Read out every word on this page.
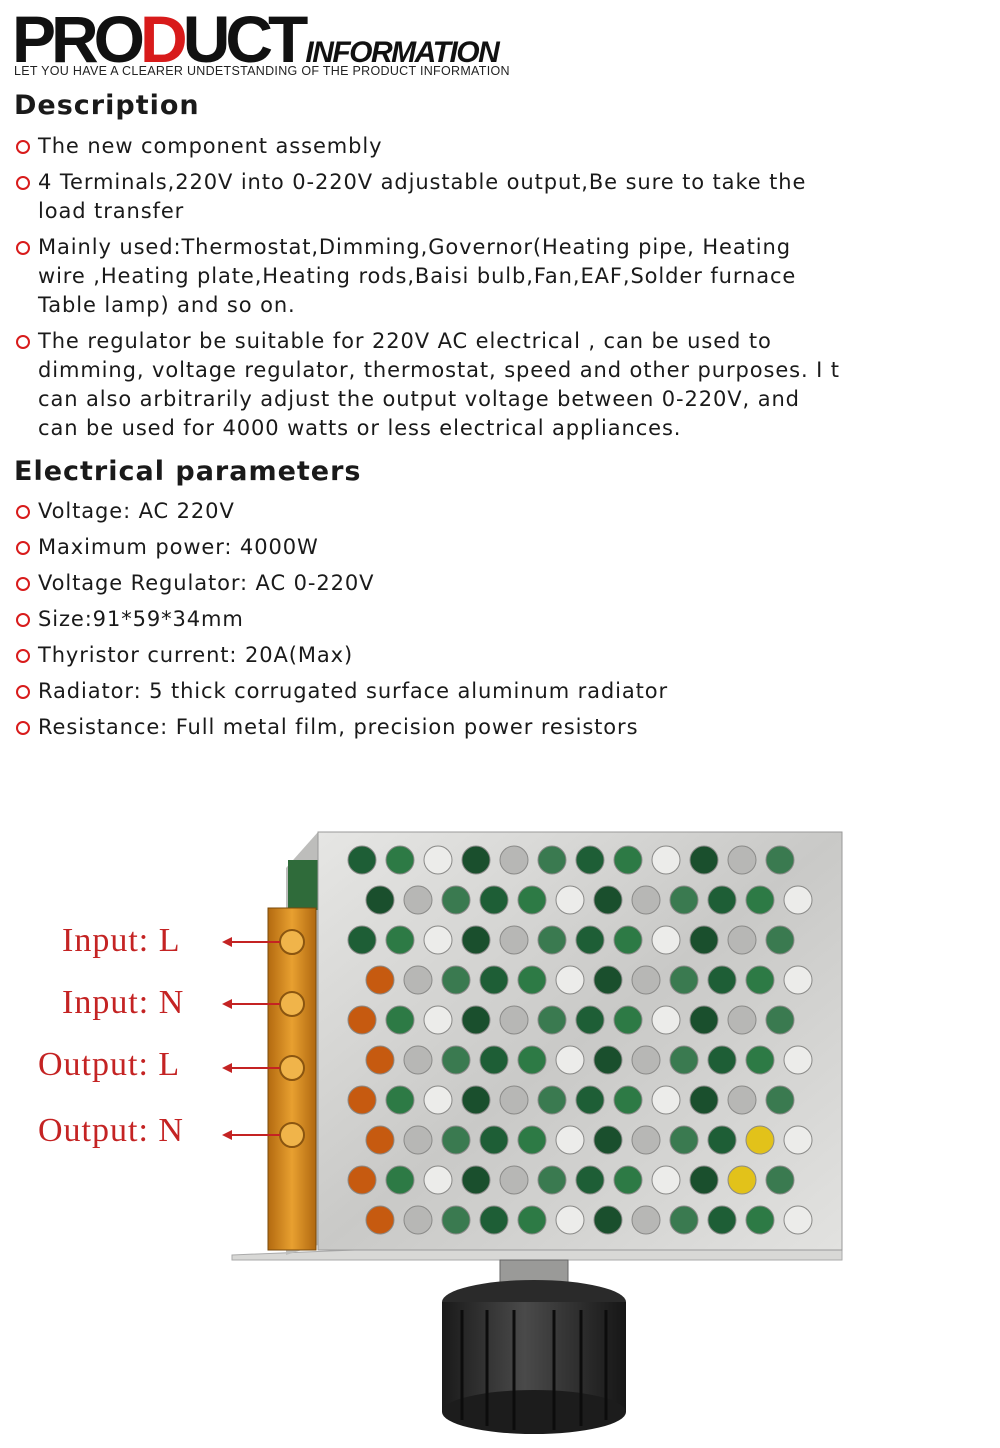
PRODUCTINFORMATION
LET YOU HAVE A CLEARER UNDETSTANDING OF THE PRODUCT INFORMATION
Description
The new component assembly
4 Terminals,220V into 0-220V adjustable output,Be sure to take the load transfer
Mainly used:Thermostat,Dimming,Governor(Heating pipe, Heating wire ,Heating plate,Heating rods,Baisi bulb,Fan,EAF,Solder furnace Table lamp) and so on.
The regulator be suitable for 220V AC electrical , can be used to dimming, voltage regulator, thermostat, speed and other purposes. I t can also arbitrarily adjust the output voltage between 0-220V, and can be used for 4000 watts or less electrical appliances.
Electrical parameters
Voltage: AC 220V
Maximum power: 4000W
Voltage Regulator: AC 0-220V
Size:91*59*34mm
Thyristor current: 20A(Max)
Radiator: 5 thick corrugated surface aluminum radiator
Resistance: Full metal film, precision power resistors
Input: L
Input: N
Output: L
Output: N
